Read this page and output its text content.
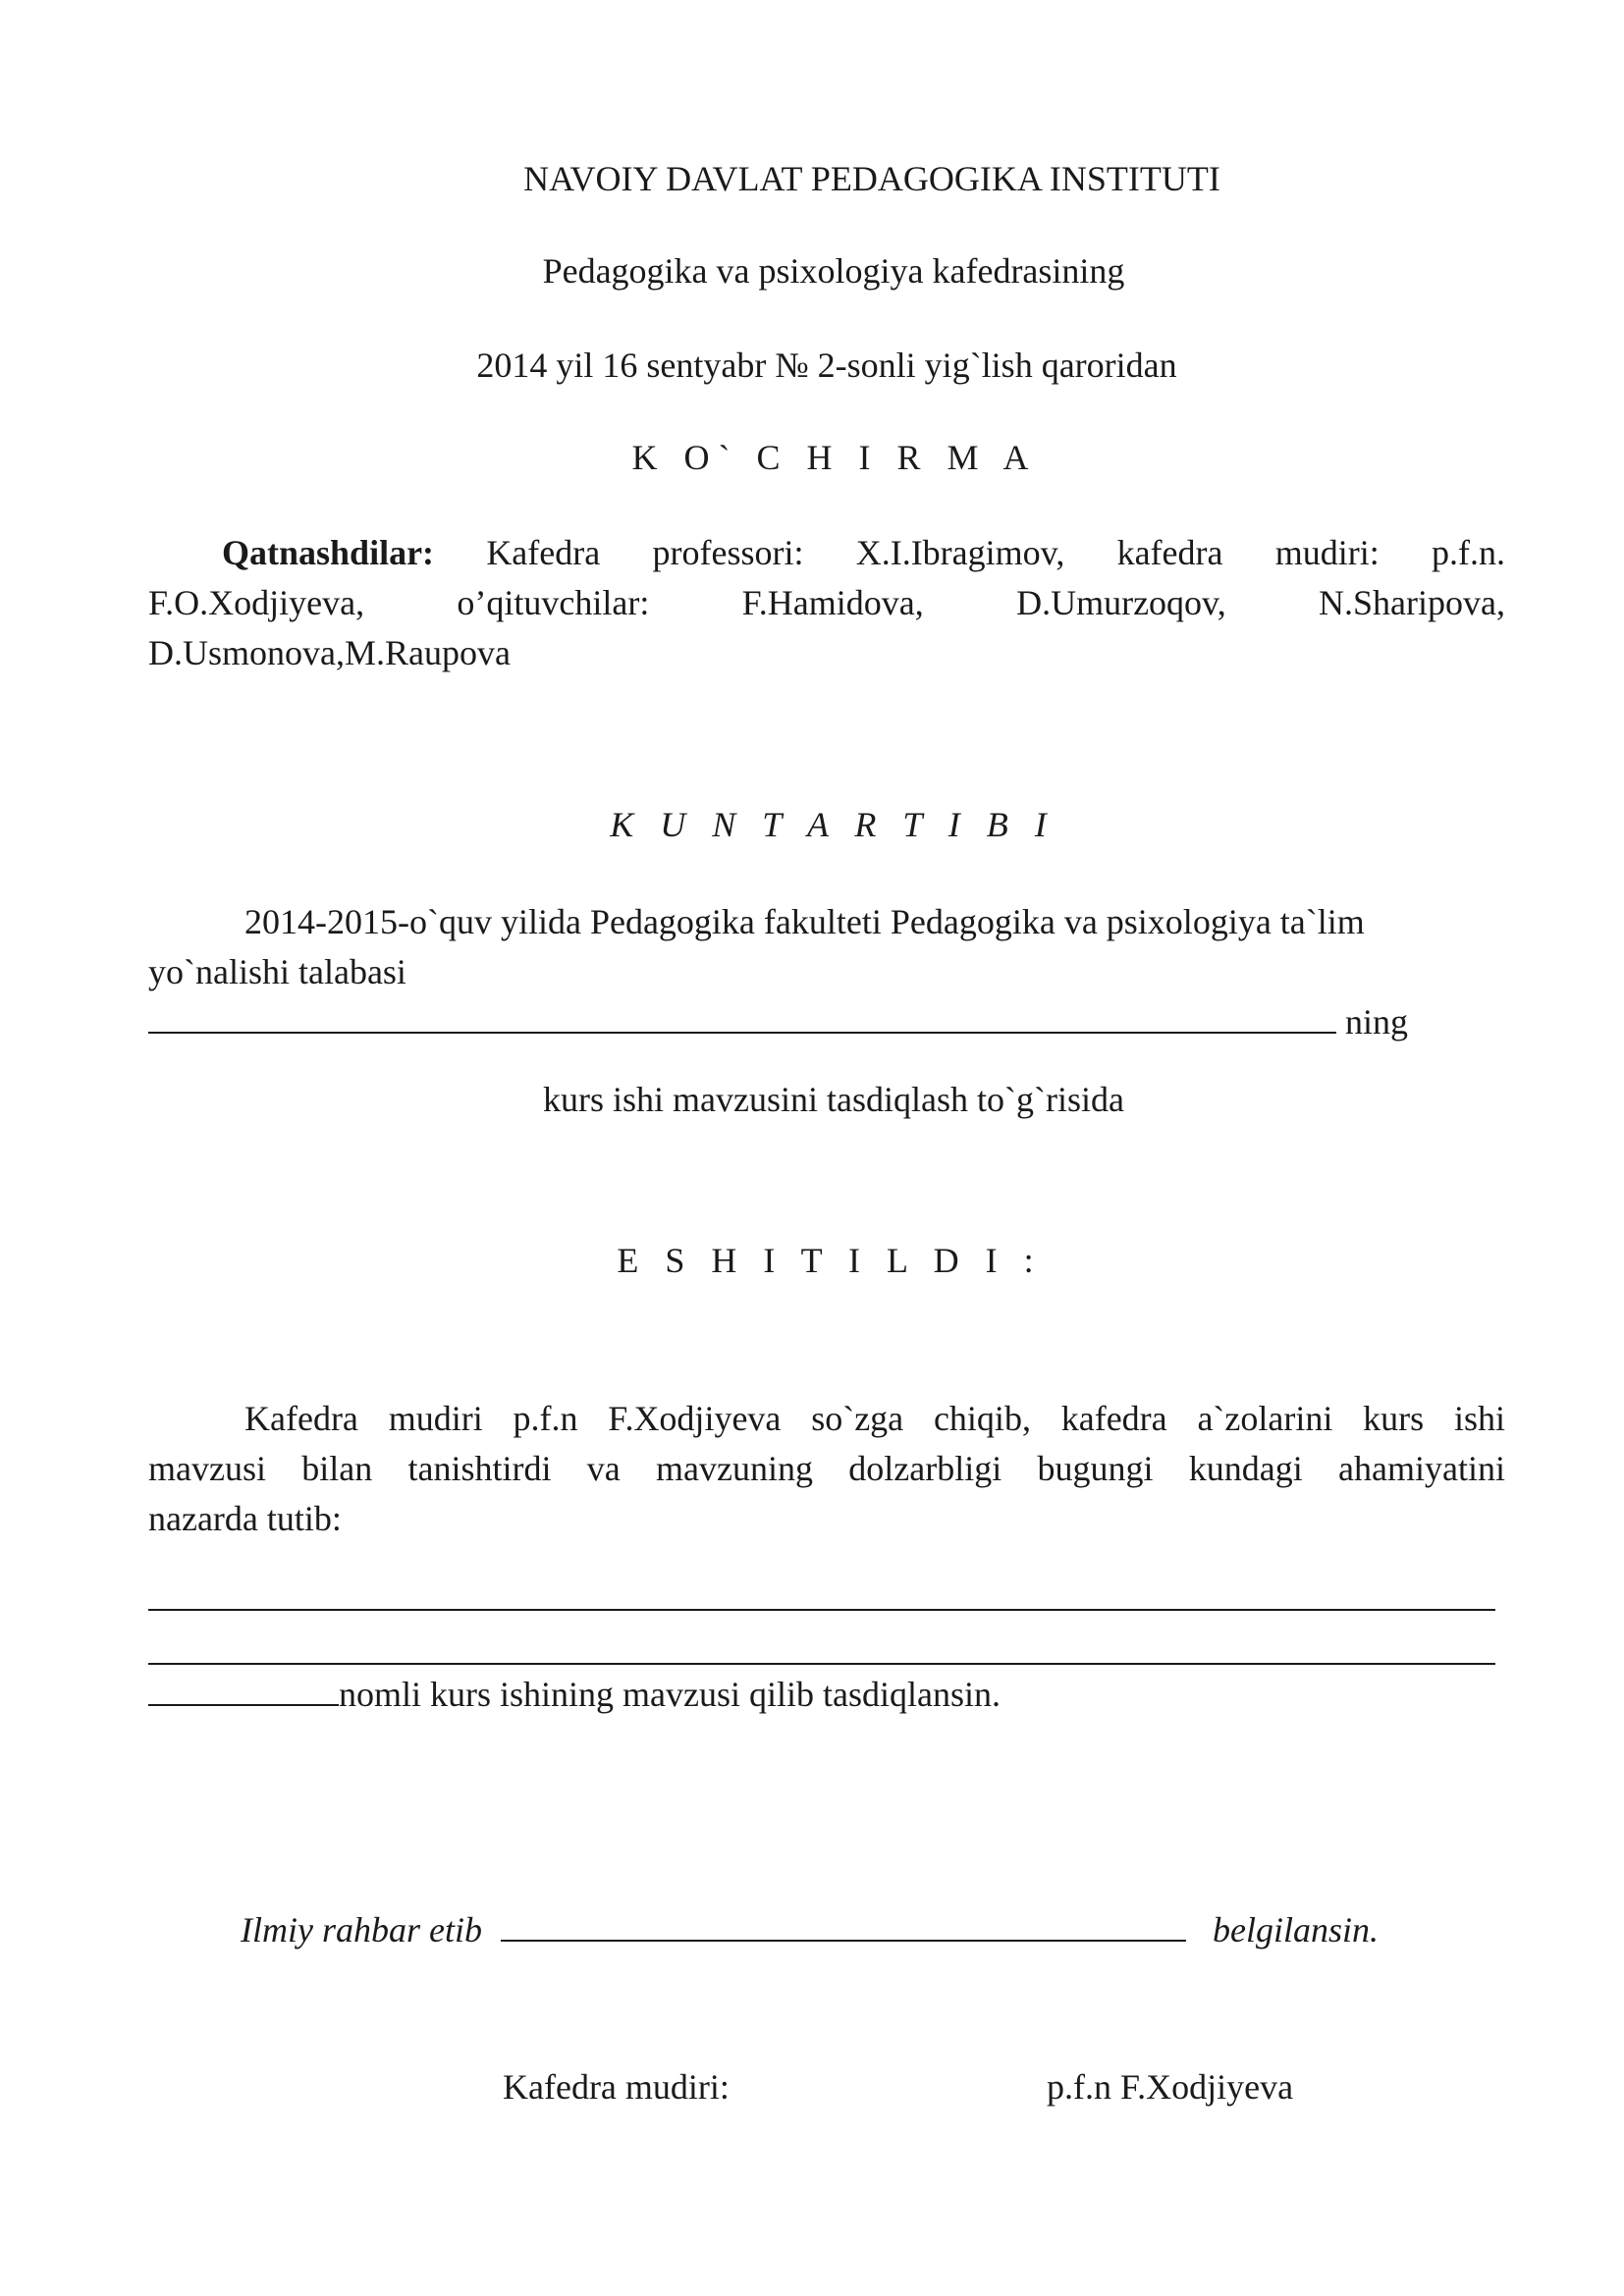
NAVOIY DAVLAT PEDAGOGIKA INSTITUTI
Pedagogika va psixologiya kafedrasining
2014 yil 16 sentyabr № 2-sonli yig`lish qaroridan
K O` C H I R M A
Qatnashdilar: Kafedra professori: X.I.Ibragimov, kafedra mudiri: p.f.n.
F.O.Xodjiyeva, o’qituvchilar: F.Hamidova, D.Umurzoqov, N.Sharipova,
D.Usmonova,M.Raupova
K U N T A R T I B I
2014-2015-o`quv yilida Pedagogika fakulteti Pedagogika va psixologiya ta`lim
yo`nalishi talabasi
ning
kurs ishi mavzusini tasdiqlash to`g`risida
E S H I T I L D I :
Kafedra mudiri p.f.n F.Xodjiyeva so`zga chiqib, kafedra a`zolarini kurs ishi
mavzusi bilan tanishtirdi va mavzuning dolzarbligi bugungi kundagi ahamiyatini
nazarda tutib:
nomli kurs ishining mavzusi qilib tasdiqlansin.
Ilmiy rahbar etib	belgilansin.
Kafedra mudiri:	p.f.n F.Xodjiyeva
